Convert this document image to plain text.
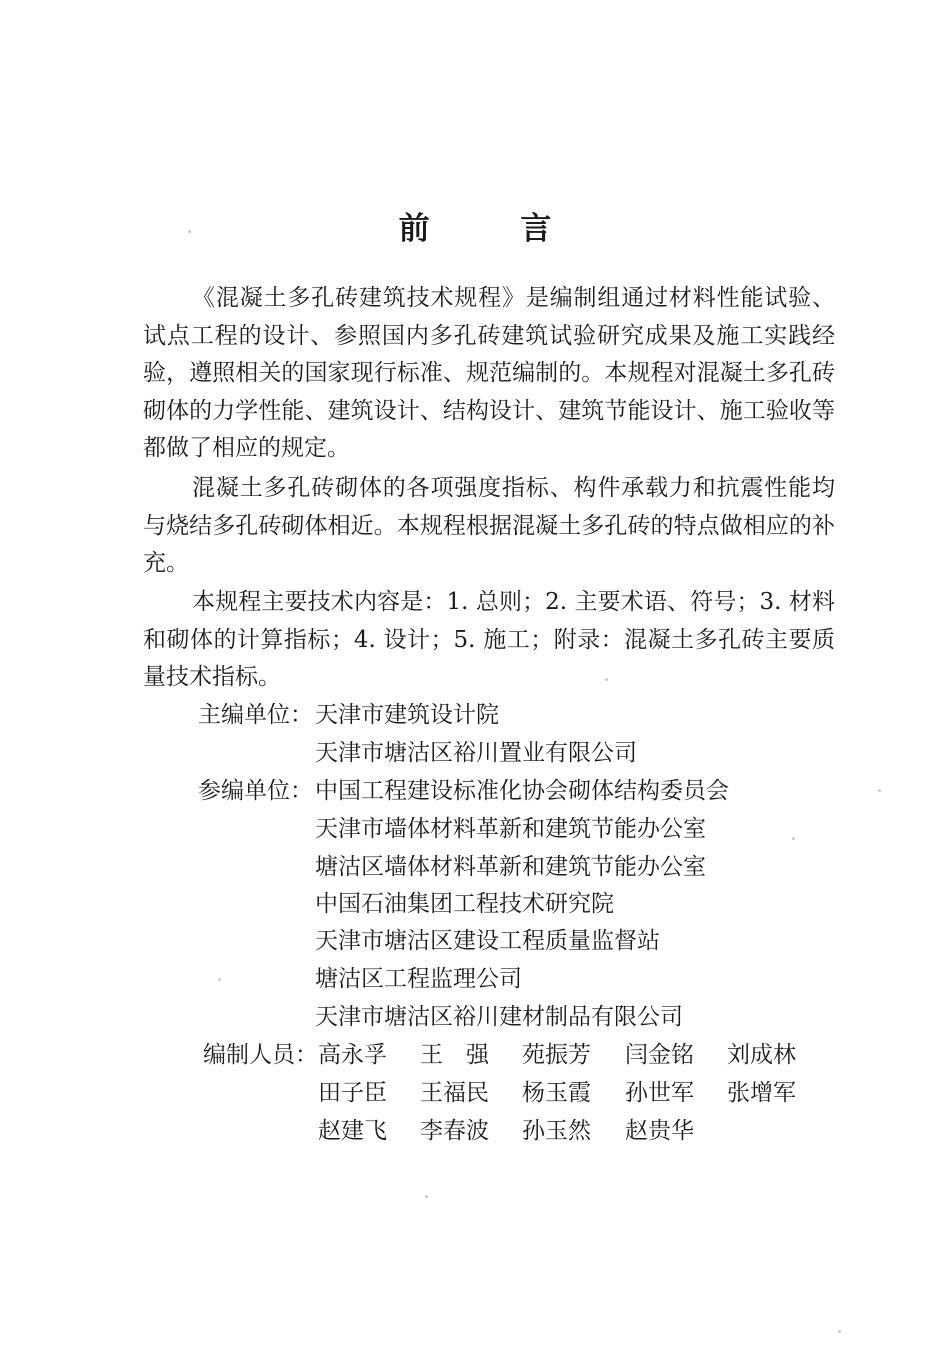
前 言

《混凝土多孔砖建筑技术规程》是编制组通过材料性能试验、试点工程的设计、参照国内多孔砖建筑试验研究成果及施工实践经验，遵照相关的国家现行标准、规范编制的。本规程对混凝土多孔砖砌体的力学性能、建筑设计、结构设计、建筑节能设计、施工验收等都做了相应的规定。

混凝土多孔砖砌体的各项强度指标、构件承载力和抗震性能均与烧结多孔砖砌体相近。本规程根据混凝土多孔砖的特点做相应的补充。

本规程主要技术内容是：1. 总则；2. 主要术语、符号；3. 材料和砌体的计算指标；4. 设计；5. 施工；附录：混凝土多孔砖主要质量技术指标。

主编单位： 天津市建筑设计院
天津市塘沽区裕川置业有限公司
参编单位： 中国工程建设标准化协会砌体结构委员会
天津市墙体材料革新和建筑节能办公室
塘沽区墙体材料革新和建筑节能办公室
中国石油集团工程技术研究院
天津市塘沽区建设工程质量监督站
塘沽区工程监理公司
天津市塘沽区裕川建材制品有限公司
编制人员： 高永孚	王　强	苑振芳	闫金铭	刘成林
田子臣	王福民	杨玉霞	孙世军	张增军
赵建飞	李春波	孙玉然	赵贵华
